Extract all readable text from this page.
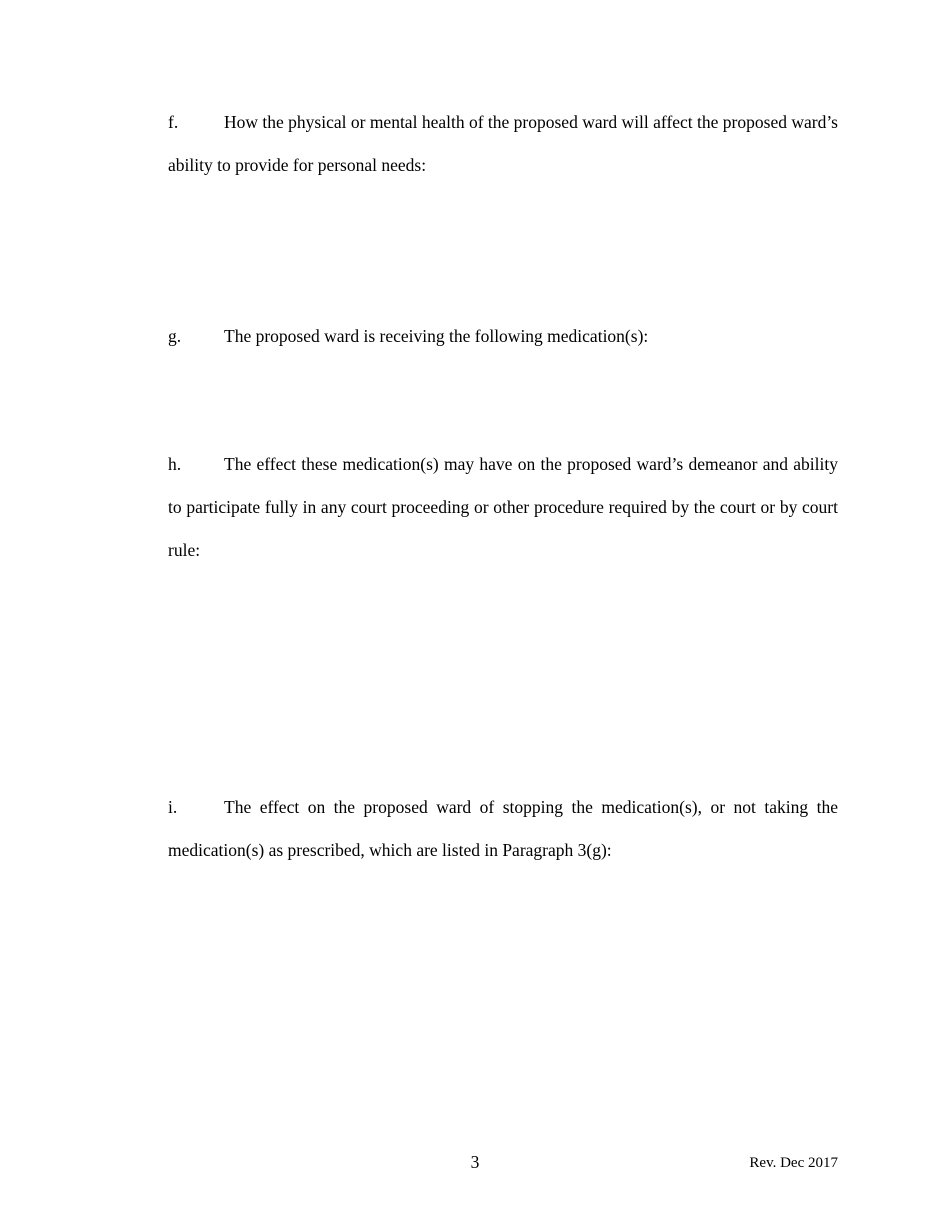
f.	How the physical or mental health of the proposed ward will affect the proposed ward’s ability to provide for personal needs:

g. The proposed ward is receiving the following medication(s):

h. The effect these medication(s) may have on the proposed ward’s demeanor and ability to participate fully in any court proceeding or other procedure required by the court or by court rule:

i.	The effect on the proposed ward of stopping the medication(s), or not taking the medication(s) as prescribed, which are listed in Paragraph 3(g):

3	Rev. Dec 2017
